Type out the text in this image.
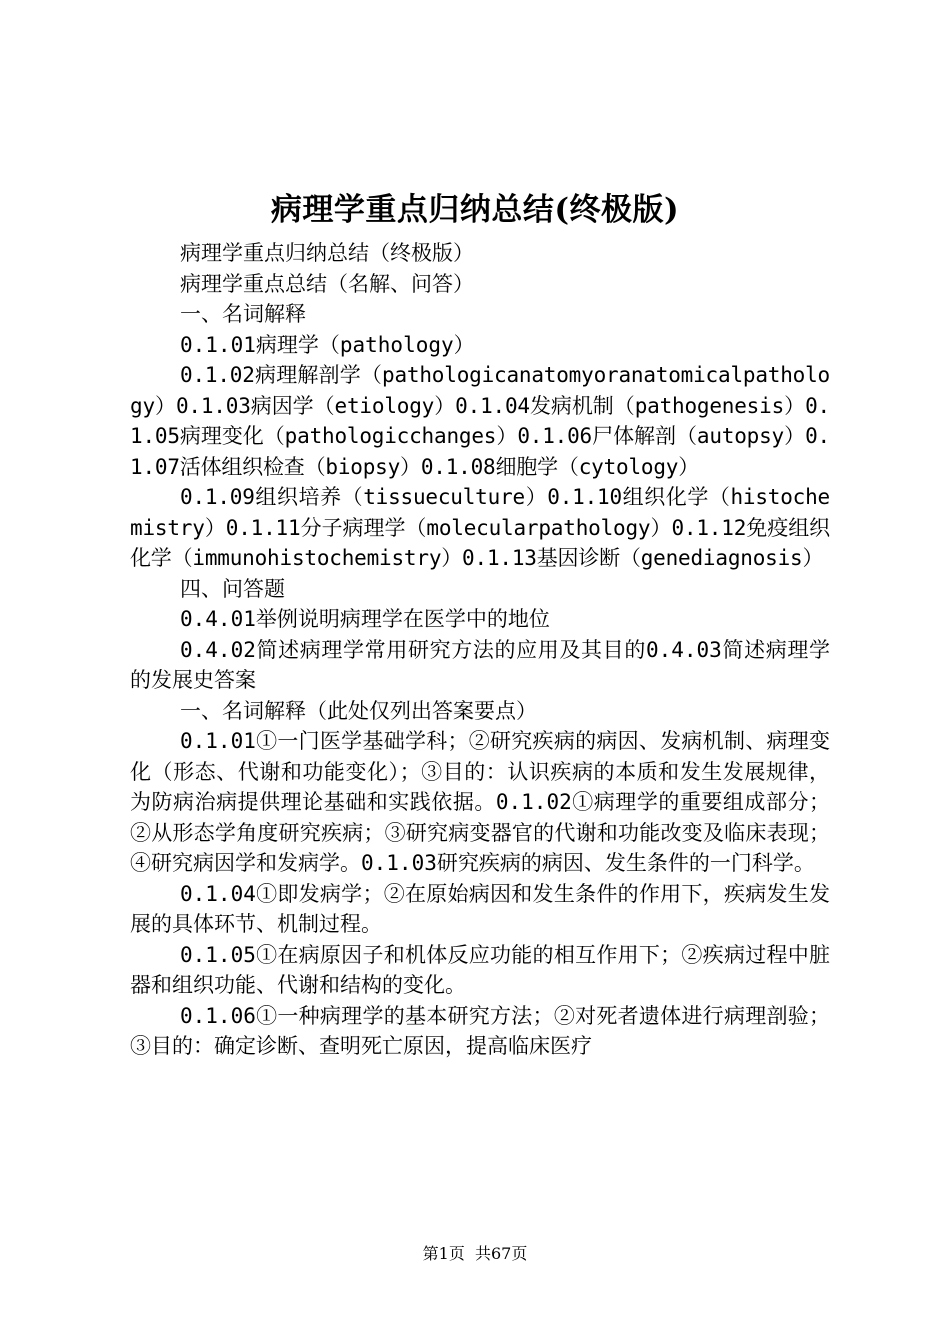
病理学重点归纳总结(终极版)

病理学重点归纳总结（终极版）

病理学重点总结（名解、问答）

一、名词解释

0.1.01病理学（pathology）

0.1.02病理解剖学（pathologicanatomyoranatomicalpathology）0.1.03病因学（etiology）0.1.04发病机制（pathogenesis）0.1.05病理变化（pathologicchanges）0.1.06尸体解剖（autopsy）0.1.07活体组织检查（biopsy）0.1.08细胞学（cytology）

0.1.09组织培养（tissueculture）0.1.10组织化学（histochemistry）0.1.11分子病理学（molecularpathology）0.1.12免疫组织化学（immunohistochemistry）0.1.13基因诊断（genediagnosis）

四、问答题

0.4.01举例说明病理学在医学中的地位

0.4.02简述病理学常用研究方法的应用及其目的0.4.03简述病理学的发展史答案

一、名词解释（此处仅列出答案要点）

0.1.01①一门医学基础学科；②研究疾病的病因、发病机制、病理变化（形态、代谢和功能变化）；③目的：认识疾病的本质和发生发展规律，为防病治病提供理论基础和实践依据。0.1.02①病理学的重要组成部分；②从形态学角度研究疾病；③研究病变器官的代谢和功能改变及临床表现；④研究病因学和发病学。0.1.03研究疾病的病因、发生条件的一门科学。

0.1.04①即发病学；②在原始病因和发生条件的作用下，疾病发生发展的具体环节、机制过程。

0.1.05①在病原因子和机体反应功能的相互作用下；②疾病过程中脏器和组织功能、代谢和结构的变化。

0.1.06①一种病理学的基本研究方法；②对死者遗体进行病理剖验；③目的：确定诊断、查明死亡原因，提高临床医疗

第1页  共67页
